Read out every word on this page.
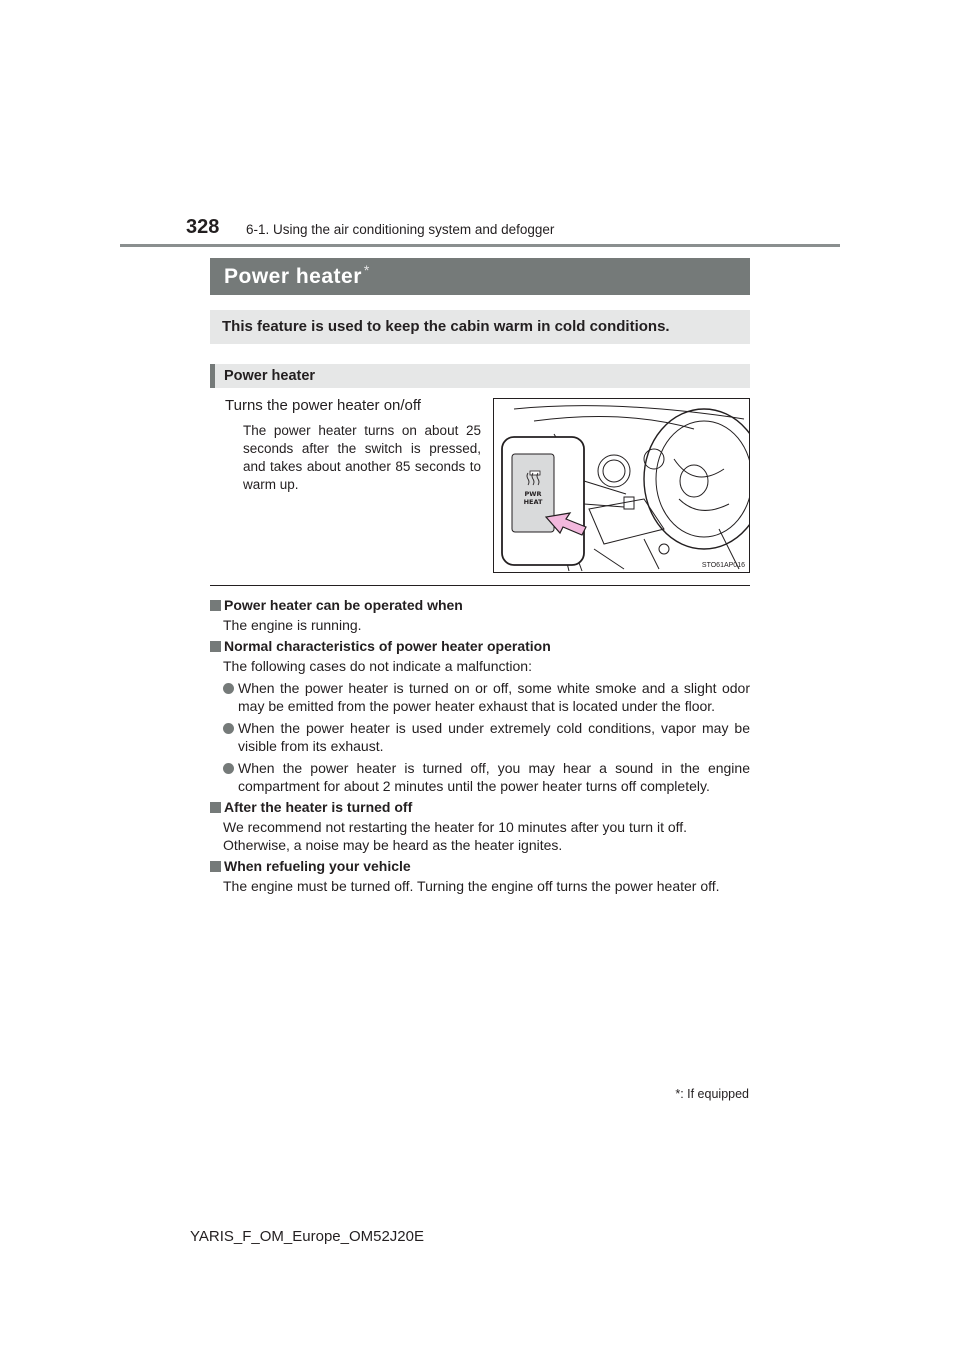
328 6-1. Using the air conditioning system and defogger
Power heater *
This feature is used to keep the cabin warm in cold conditions.
Power heater
Turns the power heater on/off
The power heater turns on about 25 seconds after the switch is pressed, and takes about another 85 seconds to warm up.
PWR
HEAT
STO61AP016
Power heater can be operated when
The engine is running.
Normal characteristics of power heater operation
The following cases do not indicate a malfunction:
When the power heater is turned on or off, some white smoke and a slight odor may be emitted from the power heater exhaust that is located under the floor.
When the power heater is used under extremely cold conditions, vapor may be visible from its exhaust.
When the power heater is turned off, you may hear a sound in the engine compartment for about 2 minutes until the power heater turns off completely.
After the heater is turned off
We recommend not restarting the heater for 10 minutes after you turn it off. Otherwise, a noise may be heard as the heater ignites.
When refueling your vehicle
The engine must be turned off. Turning the engine off turns the power heater off.
*: If equipped
YARIS_F_OM_Europe_OM52J20E
